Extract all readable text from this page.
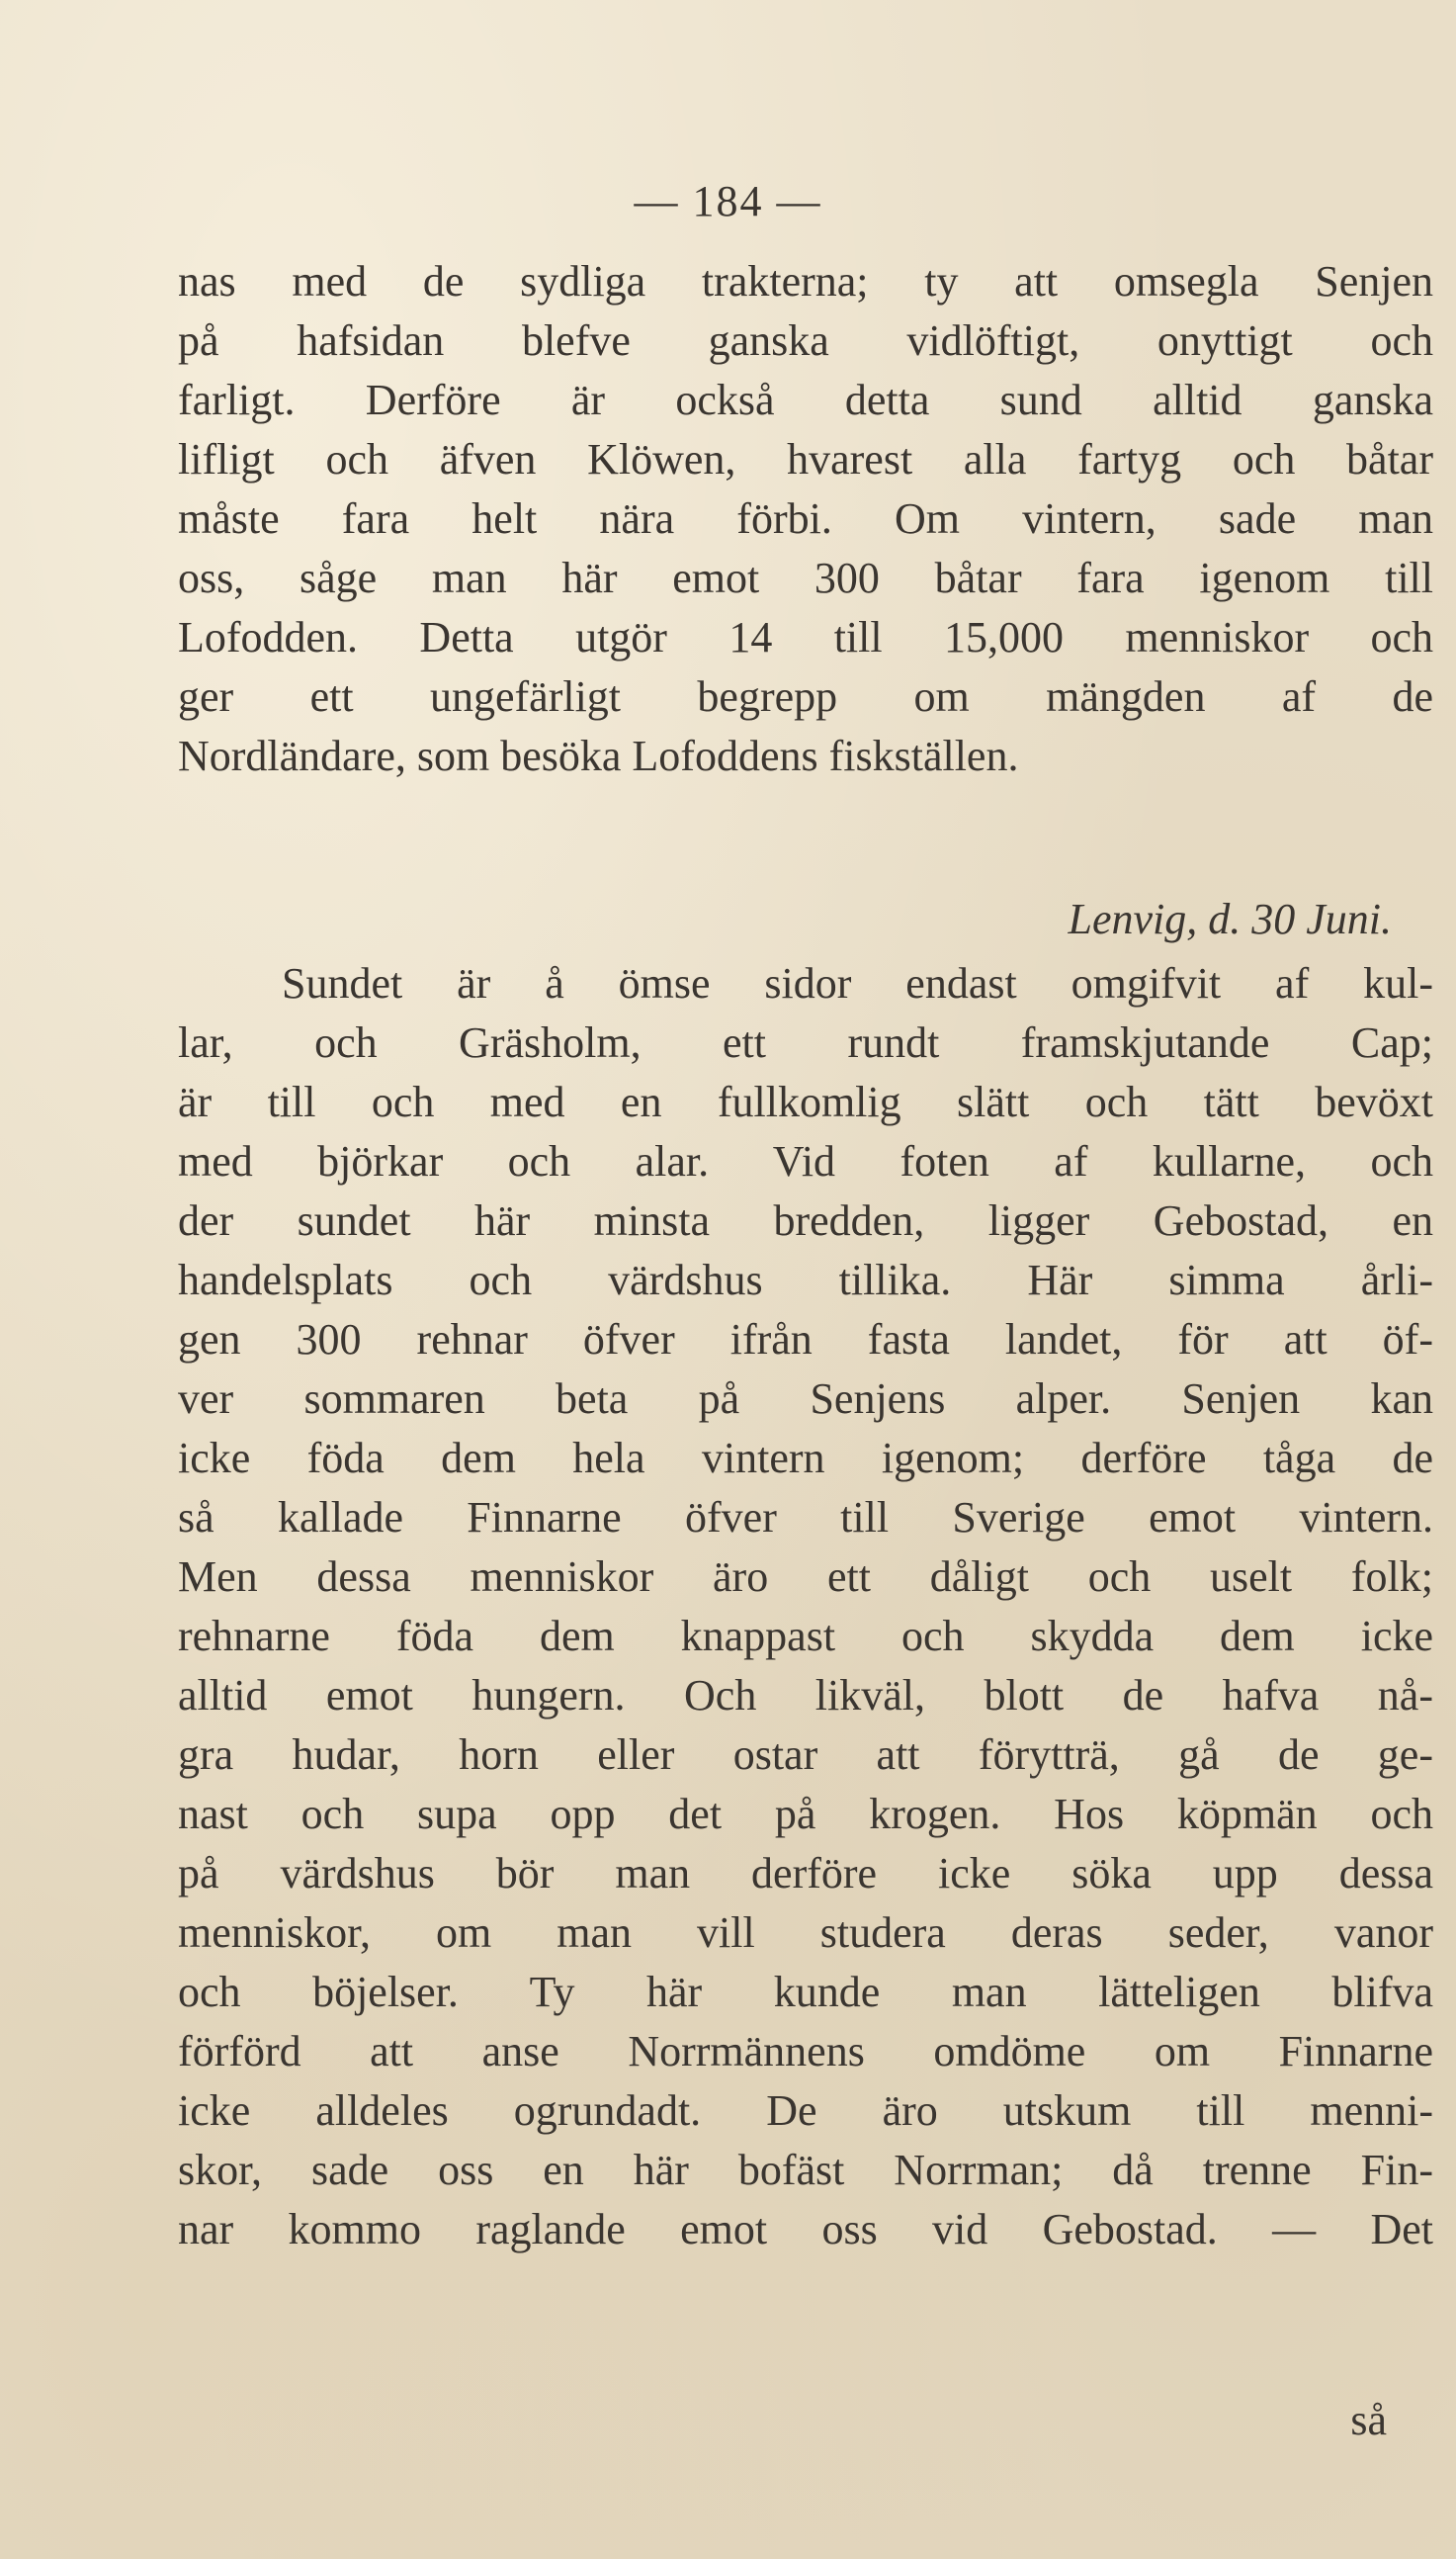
— 184 —
nas med de sydliga trakterna; ty att omsegla Senjen
på hafsidan blefve ganska vidlöftigt, onyttigt och
farligt. Derföre är också detta sund alltid ganska
lifligt och äfven Klöwen, hvarest alla fartyg och båtar
måste fara helt nära förbi. Om vintern, sade man
oss, såge man här emot 300 båtar fara igenom till
Lofodden. Detta utgör 14 till 15,000 menniskor och
ger ett ungefärligt begrepp om mängden af de
Nordländare, som besöka Lofoddens fiskställen.
Lenvig, d. 30 Juni.
Sundet är å ömse sidor endast omgifvit af kul-
lar, och Gräsholm, ett rundt framskjutande Cap;
är till och med en fullkomlig slätt och tätt bevöxt
med björkar och alar. Vid foten af kullarne, och
der sundet här minsta bredden, ligger Gebostad, en
handelsplats och värdshus tillika. Här simma årli-
gen 300 rehnar öfver ifrån fasta landet, för att öf-
ver sommaren beta på Senjens alper. Senjen kan
icke föda dem hela vintern igenom; derföre tåga de
så kallade Finnarne öfver till Sverige emot vintern.
Men dessa menniskor äro ett dåligt och uselt folk;
rehnarne föda dem knappast och skydda dem icke
alltid emot hungern. Och likväl, blott de hafva nå-
gra hudar, horn eller ostar att förytträ, gå de ge-
nast och supa opp det på krogen. Hos köpmän och
på värdshus bör man derföre icke söka upp dessa
menniskor, om man vill studera deras seder, vanor
och böjelser. Ty här kunde man lätteligen blifva
förförd att anse Norrmännens omdöme om Finnarne
icke alldeles ogrundadt. De äro utskum till menni-
skor, sade oss en här bofäst Norrman; då trenne Fin-
nar kommo raglande emot oss vid Gebostad. — Det
så
